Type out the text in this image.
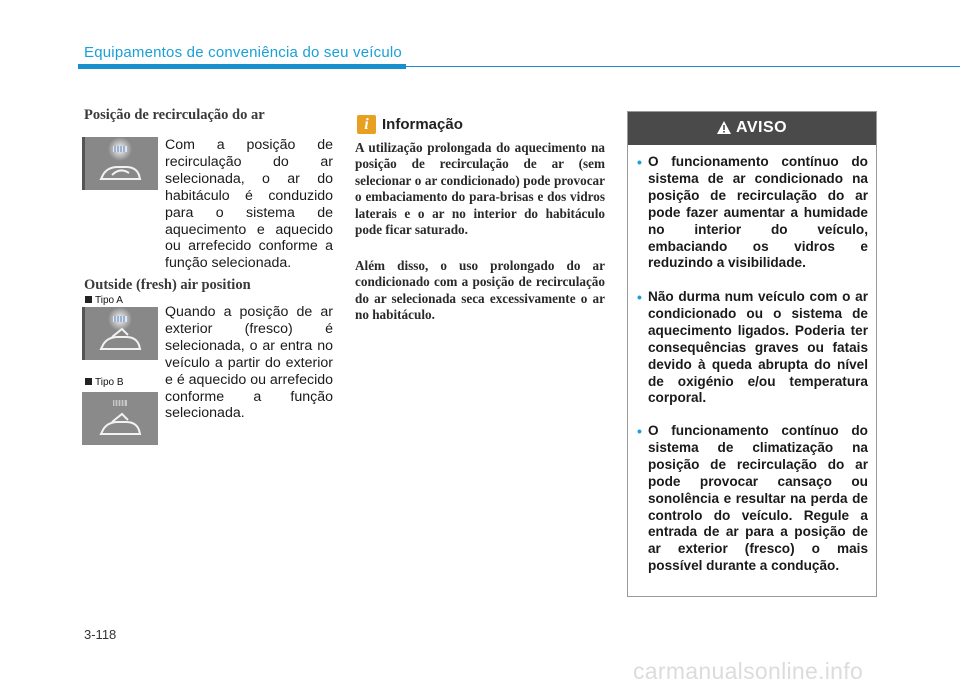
Equipamentos de conveniência do seu veículo
Posição de recirculação do ar
Com a posição de recirculação do ar selecionada, o ar do habitáculo é conduzido para o sistema de aquecimento e aquecido ou arrefecido conforme a função selecionada.
Outside (fresh) air position
Tipo A
Tipo B
Quando a posição de ar exterior (fresco) é selecionada, o ar entra no veículo a partir do exterior e é aquecido ou arrefecido conforme a função selecionada.
i Informação
A utilização prolongada do aquecimento na posição de recirculação de ar (sem selecionar o ar condicionado) pode provocar o embaciamento do para-brisas e dos vidros laterais e o ar no interior do habitáculo pode ficar saturado.
Além disso, o uso prolongado do ar condicionado com a posição de recirculação do ar selecionada seca excessivamente o ar no habitáculo.
AVISO
• O funcionamento contínuo do sistema de ar condicionado na posição de recirculação do ar pode fazer aumentar a humidade no interior do veículo, embaciando os vidros e reduzindo a visibilidade.
• Não durma num veículo com o ar condicionado ou o sistema de aquecimento ligados. Poderia ter consequências graves ou fatais devido à queda abrupta do nível de oxigénio e/ou temperatura corporal.
• O funcionamento contínuo do sistema de climatização na posição de recirculação do ar pode provocar cansaço ou sonolência e resultar na perda de controlo do veículo. Regule a entrada de ar para a posição de ar exterior (fresco) o mais possível durante a condução.
3-118
carmanualsonline.info
